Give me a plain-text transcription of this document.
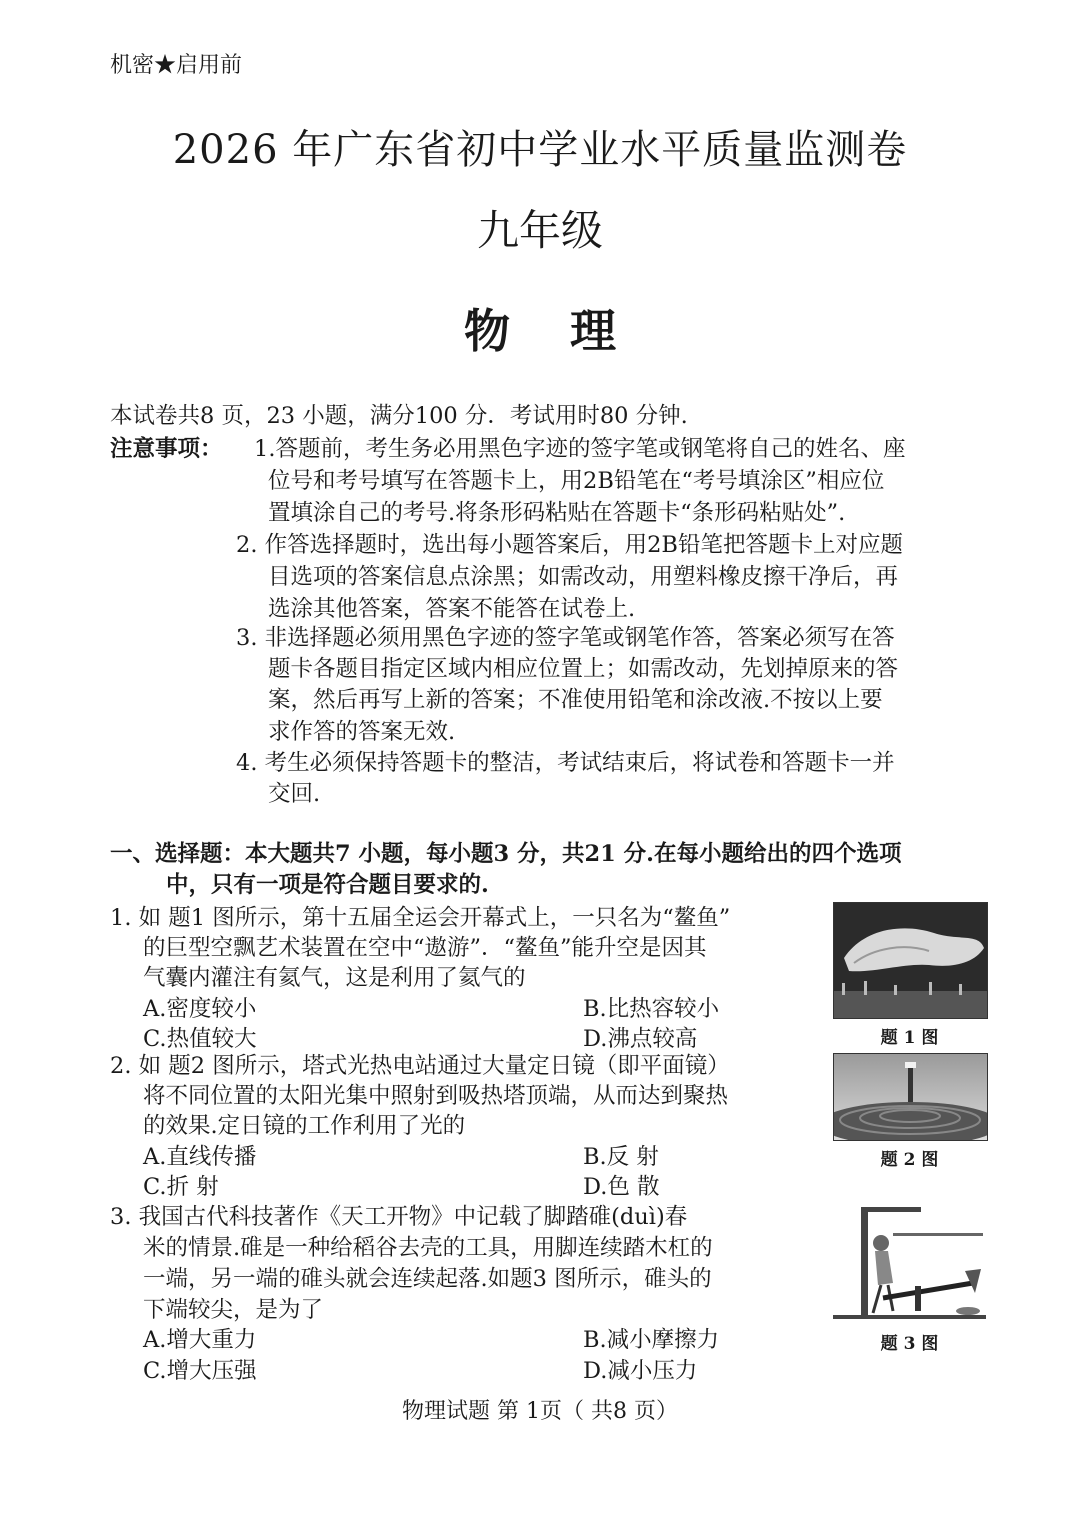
机密★启用前
2026 年广东省初中学业水平质量监测卷
九年级
物理
本试卷共8 页，23 小题，满分100 分．考试用时80 分钟.
注意事项： 1.答题前，考生务必用黑色字迹的签字笔或钢笔将自己的姓名、座
位号和考号填写在答题卡上，用2B铅笔在“考号填涂区”相应位
置填涂自己的考号.将条形码粘贴在答题卡“条形码粘贴处”.
2. 作答选择题时，选出每小题答案后，用2B铅笔把答题卡上对应题
目选项的答案信息点涂黑；如需改动，用塑料橡皮擦干净后，再
选涂其他答案，答案不能答在试卷上.
3. 非选择题必须用黑色字迹的签字笔或钢笔作答，答案必须写在答
题卡各题目指定区域内相应位置上；如需改动，先划掉原来的答
案，然后再写上新的答案；不准使用铅笔和涂改液.不按以上要
求作答的答案无效.
4. 考生必须保持答题卡的整洁，考试结束后，将试卷和答题卡一并
交回.
一、选择题：本大题共7 小题，每小题3 分，共21 分.在每小题给出的四个选项
中，只有一项是符合题目要求的.
1. 如 题1 图所示，第十五届全运会开幕式上，一只名为“鳌鱼”
的巨型空飘艺术装置在空中“遨游”．“鳌鱼”能升空是因其
气囊内灌注有氦气，这是利用了氦气的
A.密度较小	B.比热容较小
C.热值较大	D.沸点较高	题 1 图
2. 如 题2 图所示，塔式光热电站通过大量定日镜（即平面镜）
将不同位置的太阳光集中照射到吸热塔顶端，从而达到聚热
的效果.定日镜的工作利用了光的
A.直线传播	B.反 射
C.折 射	D.色 散
题 2 图
3. 我国古代科技著作《天工开物》中记载了脚踏碓(duì)春
米的情景.碓是一种给稻谷去壳的工具，用脚连续踏木杠的
一端，另一端的碓头就会连续起落.如题3 图所示，碓头的
下端较尖，是为了
A.增大重力	B.减小摩擦力
C.增大压强	D.减小压力
题 3 图
物理试题 第 1页（ 共8 页）
